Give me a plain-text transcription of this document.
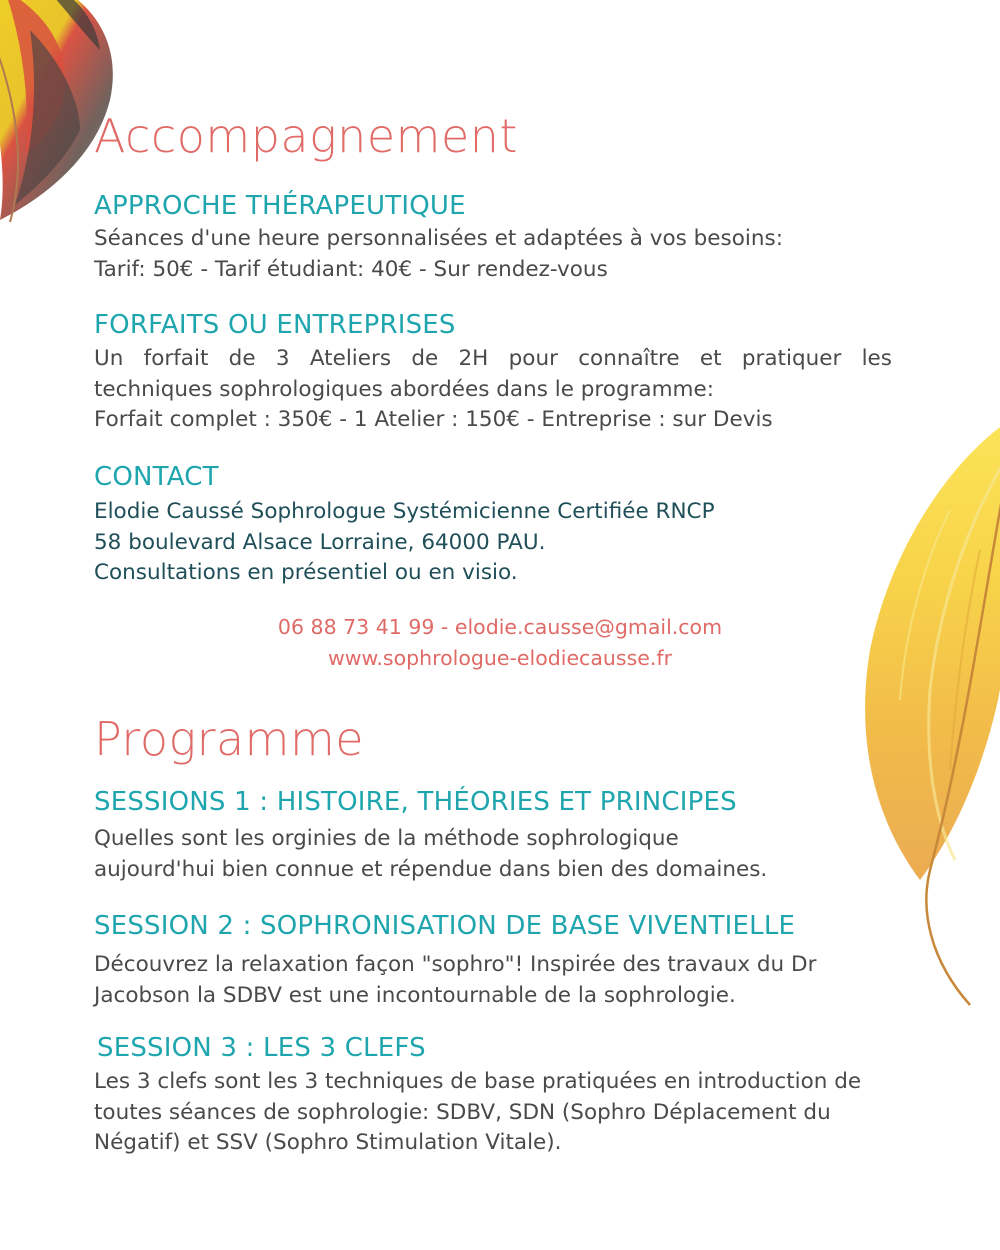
Accompagnement
APPROCHE THÉRAPEUTIQUE
Séances d'une heure personnalisées et adaptées à vos besoins:
Tarif: 50€ - Tarif étudiant: 40€ - Sur rendez-vous
FORFAITS OU ENTREPRISES
Un forfait de 3 Ateliers de 2H pour connaître et pratiquer les
techniques sophrologiques abordées dans le programme:
Forfait complet : 350€ - 1 Atelier : 150€ - Entreprise : sur Devis
CONTACT
Elodie Caussé Sophrologue Systémicienne Certifiée RNCP
58 boulevard Alsace Lorraine, 64000 PAU.
Consultations en présentiel ou en visio.
06 88 73 41 99 - elodie.causse@gmail.com
www.sophrologue-elodiecausse.fr
Programme
SESSIONS 1 : HISTOIRE, THÉORIES ET PRINCIPES
Quelles sont les orginies de la méthode sophrologique
aujourd'hui bien connue et répendue dans bien des domaines.
SESSION 2 : SOPHRONISATION DE BASE VIVENTIELLE
Découvrez la relaxation façon "sophro"! Inspirée des travaux du Dr
Jacobson la SDBV est une incontournable de la sophrologie.
SESSION 3 : LES 3 CLEFS
Les 3 clefs sont les 3 techniques de base pratiquées en introduction de
toutes séances de sophrologie: SDBV, SDN (Sophro Déplacement du
Négatif) et SSV (Sophro Stimulation Vitale).
